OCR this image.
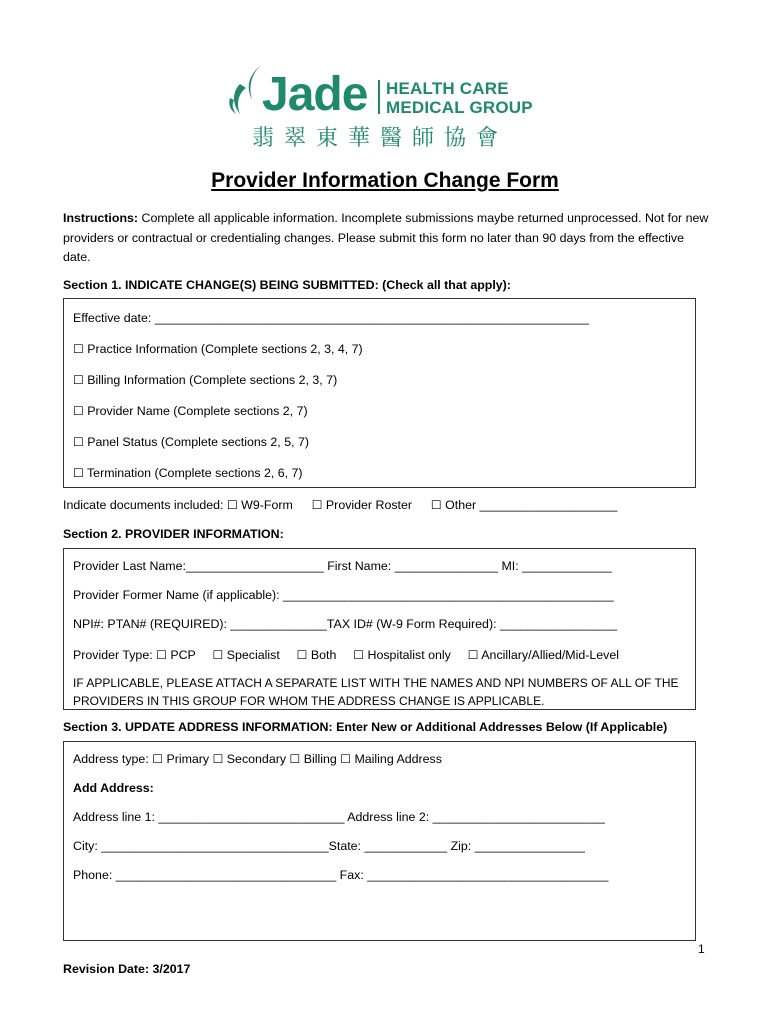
Jade HEALTH CARE
MEDICAL GROUP
翡翠東華醫師協會
Provider Information Change Form
Instructions: Complete all applicable information. Incomplete submissions maybe returned unprocessed. Not for new providers or contractual or credentialing changes. Please submit this form no later than 90 days from the effective date.
Section 1. INDICATE CHANGE(S) BEING SUBMITTED: (Check all that apply):
Effective date: _______________________________________________________________
☐ Practice Information (Complete sections 2, 3, 4, 7)
☐ Billing Information (Complete sections 2, 3, 7)
☐ Provider Name (Complete sections 2, 7)
☐ Panel Status (Complete sections 2, 5, 7)
☐ Termination (Complete sections 2, 6, 7)
Indicate documents included: ☐ W9-Form ☐ Provider Roster ☐ Other ____________________
Section 2. PROVIDER INFORMATION:
Provider Last Name:____________________ First Name: _______________ MI: _____________
Provider Former Name (if applicable): ________________________________________________
NPI#: PTAN# (REQUIRED): ______________TAX ID# (W-9 Form Required): _________________
Provider Type: ☐ PCP ☐ Specialist ☐ Both ☐ Hospitalist only ☐ Ancillary/Allied/Mid-Level
IF APPLICABLE, PLEASE ATTACH A SEPARATE LIST WITH THE NAMES AND NPI NUMBERS OF ALL OF THE
PROVIDERS IN THIS GROUP FOR WHOM THE ADDRESS CHANGE IS APPLICABLE.
Section 3. UPDATE ADDRESS INFORMATION: Enter New or Additional Addresses Below (If Applicable)
Address type: ☐ Primary ☐ Secondary ☐ Billing ☐ Mailing Address
Add Address:
Address line 1: ___________________________ Address line 2: _________________________
City: _________________________________State: ____________ Zip: ________________
Phone: ________________________________ Fax: ___________________________________
1
Revision Date: 3/2017
